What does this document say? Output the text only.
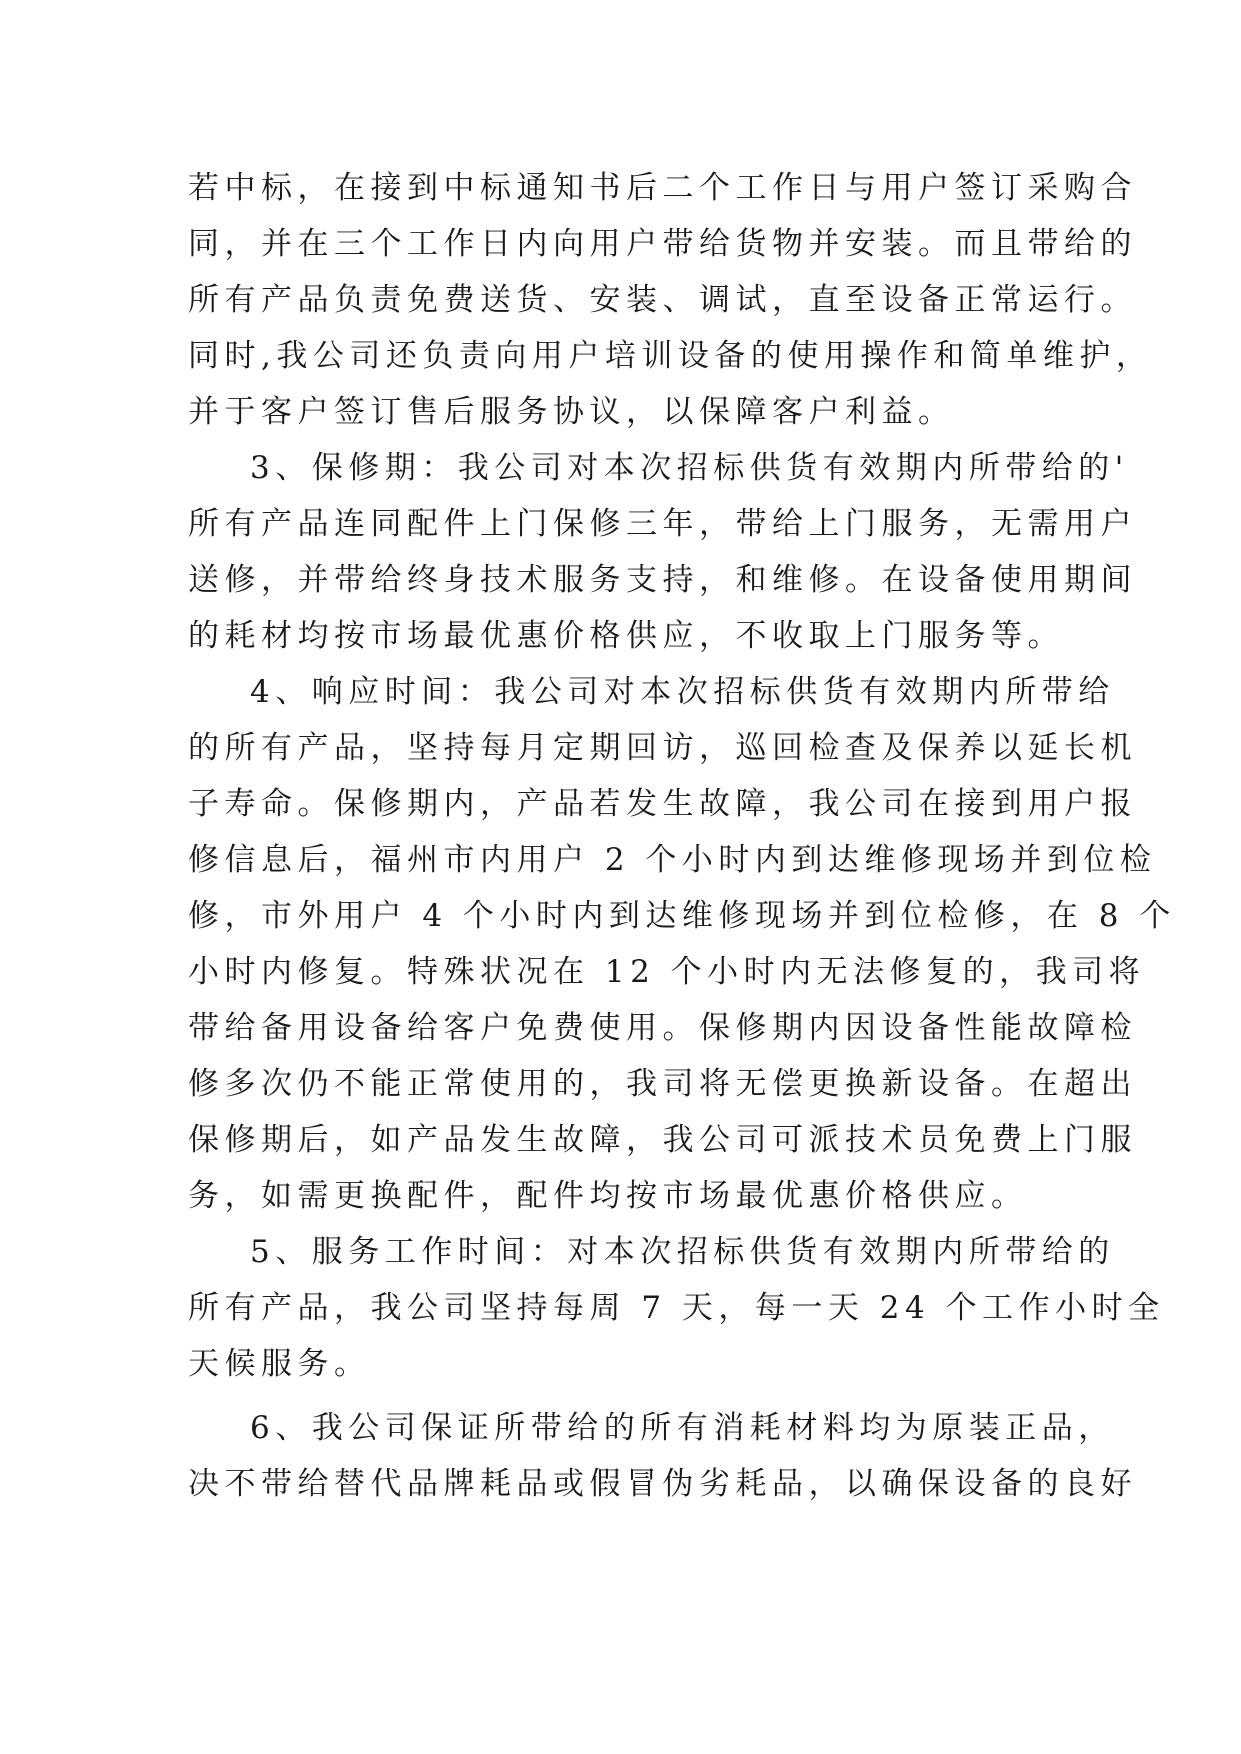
若中标，在接到中标通知书后二个工作日与用户签订采购合
同，并在三个工作日内向用户带给货物并安装。而且带给的
所有产品负责免费送货、安装、调试，直至设备正常运行。
同时,我公司还负责向用户培训设备的使用操作和简单维护，
并于客户签订售后服务协议，以保障客户利益。
3、保修期：我公司对本次招标供货有效期内所带给的'
所有产品连同配件上门保修三年，带给上门服务，无需用户
送修，并带给终身技术服务支持，和维修。在设备使用期间
的耗材均按市场最优惠价格供应，不收取上门服务等。
4、响应时间：我公司对本次招标供货有效期内所带给
的所有产品，坚持每月定期回访，巡回检查及保养以延长机
子寿命。保修期内，产品若发生故障，我公司在接到用户报
修信息后，福州市内用户 2 个小时内到达维修现场并到位检
修，市外用户 4 个小时内到达维修现场并到位检修，在 8 个
小时内修复。特殊状况在 12 个小时内无法修复的，我司将
带给备用设备给客户免费使用。保修期内因设备性能故障检
修多次仍不能正常使用的，我司将无偿更换新设备。在超出
保修期后，如产品发生故障，我公司可派技术员免费上门服
务，如需更换配件，配件均按市场最优惠价格供应。
5、服务工作时间：对本次招标供货有效期内所带给的
所有产品，我公司坚持每周 7 天，每一天 24 个工作小时全
天候服务。
6、我公司保证所带给的所有消耗材料均为原装正品，
决不带给替代品牌耗品或假冒伪劣耗品，以确保设备的良好
